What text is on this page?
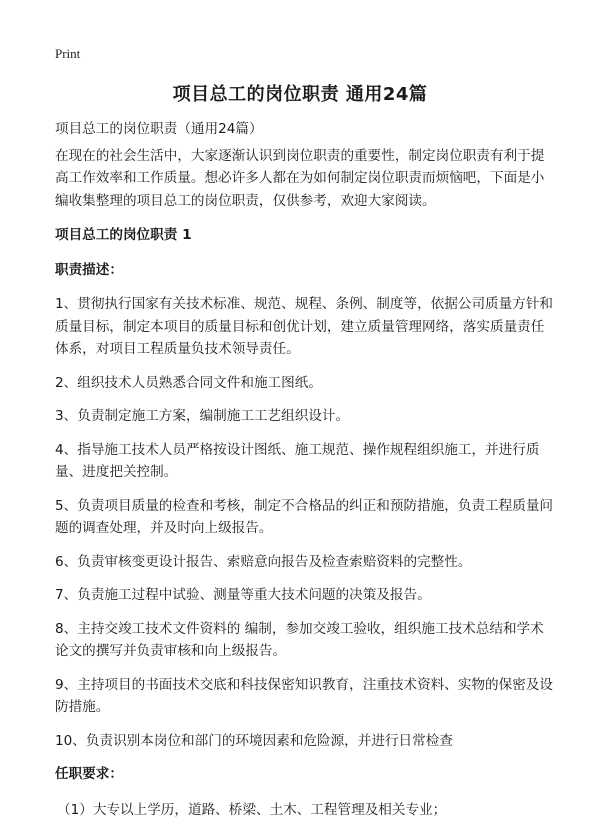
Print
项目总工的岗位职责 通用24篇

项目总工的岗位职责（通用24篇）

在现在的社会生活中，大家逐渐认识到岗位职责的重要性，制定岗位职责有利于提高工作效率和工作质量。想必许多人都在为如何制定岗位职责而烦恼吧，下面是小编收集整理的项目总工的岗位职责，仅供参考，欢迎大家阅读。

项目总工的岗位职责 1

职责描述：

1、贯彻执行国家有关技术标准、规范、规程、条例、制度等，依据公司质量方针和质量目标，制定本项目的质量目标和创优计划，建立质量管理网络，落实质量责任体系，对项目工程质量负技术领导责任。

2、组织技术人员熟悉合同文件和施工图纸。

3、负责制定施工方案，编制施工工艺组织设计。

4、指导施工技术人员严格按设计图纸、施工规范、操作规程组织施工，并进行质量、进度把关控制。

5、负责项目质量的检查和考核，制定不合格品的纠正和预防措施，负责工程质量问题的调查处理，并及时向上级报告。

6、负责审核变更设计报告、索赔意向报告及检查索赔资料的完整性。

7、负责施工过程中试验、测量等重大技术问题的决策及报告。

8、主持交竣工技术文件资料的 编制，参加交竣工验收，组织施工技术总结和学术论文的撰写并负责审核和向上级报告。

9、主持项目的书面技术交底和科技保密知识教育，注重技术资料、实物的保密及设防措施。

10、负责识别本岗位和部门的环境因素和危险源，并进行日常检查

任职要求：

（1）大专以上学历，道路、桥梁、土木、工程管理及相关专业；
